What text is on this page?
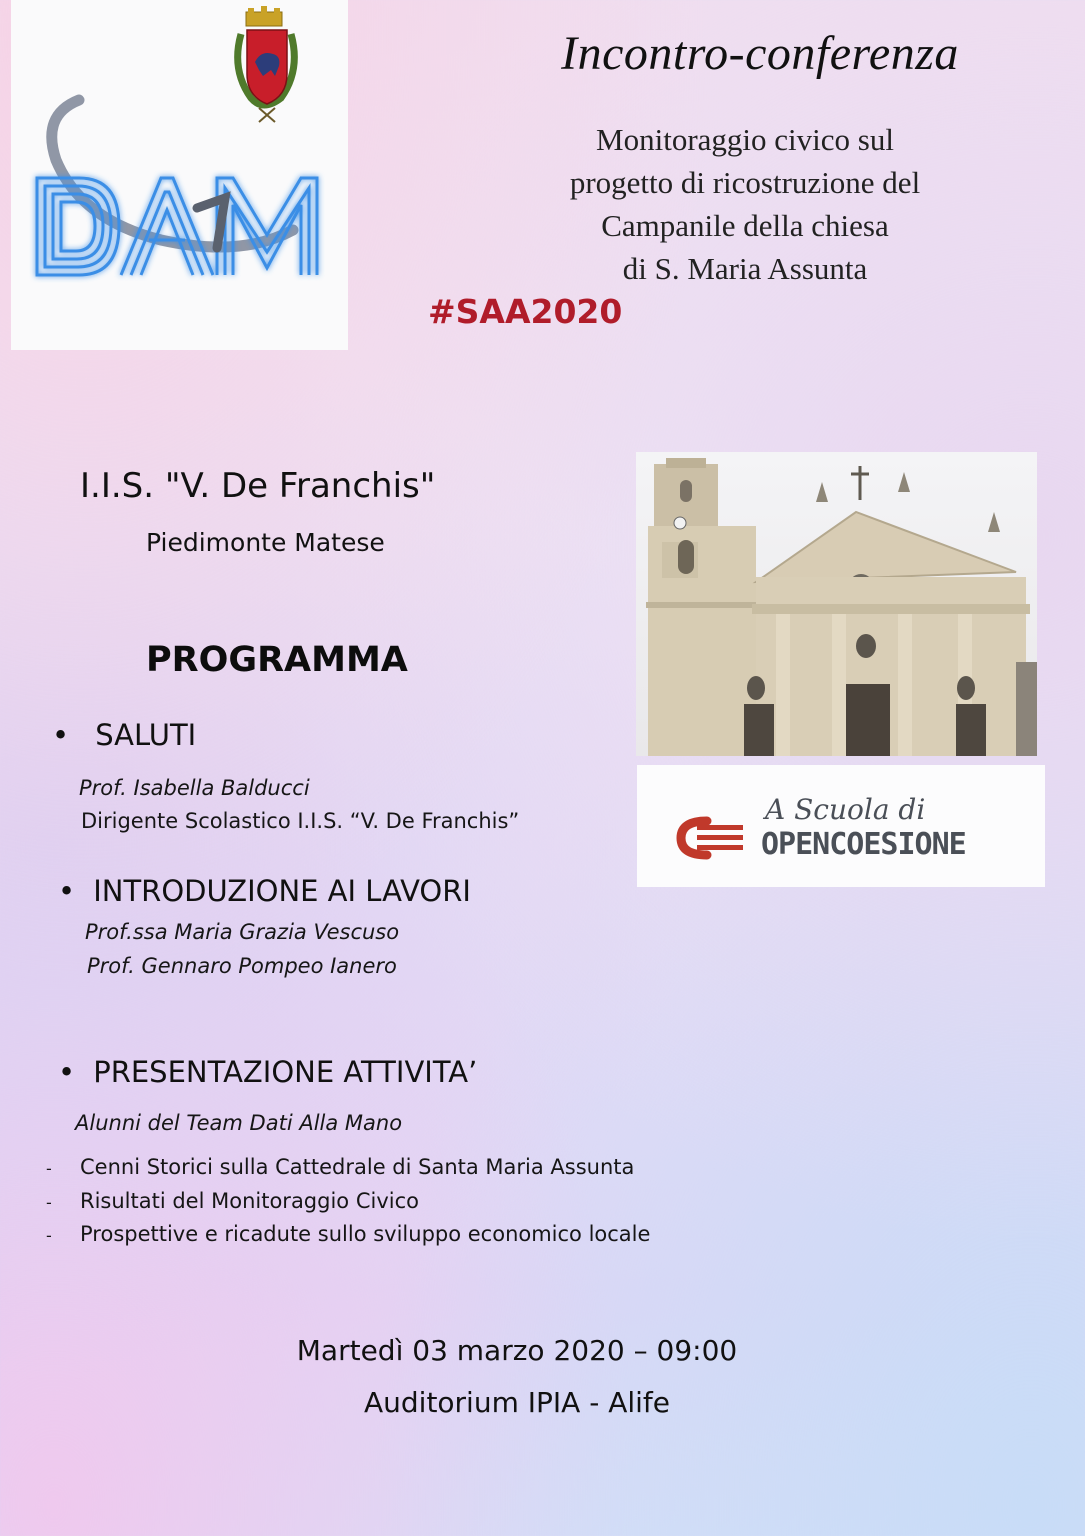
Incontro-conferenza
Monitoraggio civico sul
progetto di ricostruzione del
Campanile della chiesa
di S. Maria Assunta
#SAA2020
I.I.S. "V. De Franchis"
Piedimonte Matese
PROGRAMMA
• SALUTI
Prof. Isabella Balducci
Dirigente Scolastico I.I.S. “V. De Franchis”
• INTRODUZIONE AI LAVORI
Prof.ssa Maria Grazia Vescuso
Prof. Gennaro Pompeo Ianero
• PRESENTAZIONE ATTIVITA’
Alunni del Team Dati Alla Mano
- Cenni Storici sulla Cattedrale di Santa Maria Assunta
- Risultati del Monitoraggio Civico
- Prospettive e ricadute sullo sviluppo economico locale
A Scuola di
OPENCOESIONE
Martedì 03 marzo 2020 – 09:00
Auditorium IPIA - Alife
